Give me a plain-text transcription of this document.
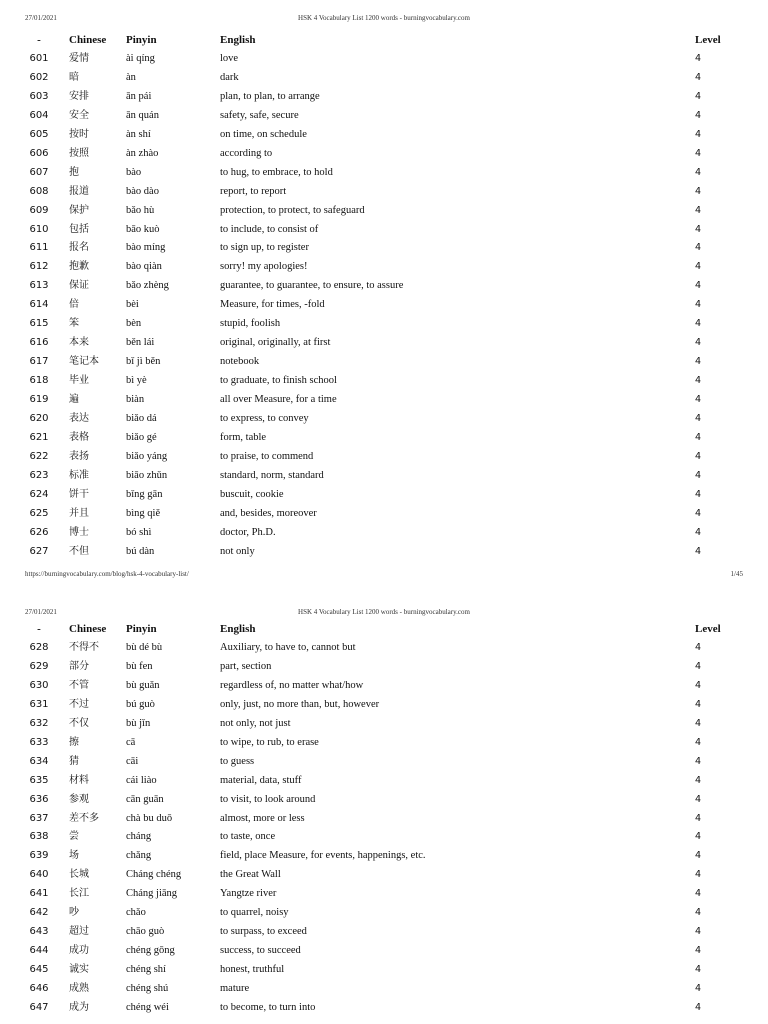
27/01/2021	HSK 4 Vocabulary List 1200 words - burningvocabulary.com
-	Chinese Pinyin	English	Level
601	爱情	ài qíng	love	4
602	暗	àn	dark	4
603	安排	ān pái	plan, to plan, to arrange	4
604	安全	ān quán	safety, safe, secure	4
605	按时	àn shí	on time, on schedule	4
606	按照	àn zhào	according to	4
607	抱	bào	to hug, to embrace, to hold	4
608	报道	bào dào	report, to report	4
609	保护	bǎo hù	protection, to protect, to safeguard	4
610	包括	bāo kuò	to include, to consist of	4
611	报名	bào míng	to sign up, to register	4
612	抱歉	bào qiàn	sorry! my apologies!	4
613	保证	bǎo zhèng	guarantee, to guarantee, to ensure, to assure	4
614	倍	bèi	Measure, for times, -fold	4
615	笨	bèn	stupid, foolish	4
616	本来	běn lái	original, originally, at first	4
617	笔记本	bǐ jì běn	notebook	4
618	毕业	bì yè	to graduate, to finish school	4
619	遍	biàn	all over Measure, for a time	4
620	表达	biǎo dá	to express, to convey	4
621	表格	biǎo gé	form, table	4
622	表扬	biǎo yáng	to praise, to commend	4
623	标准	biāo zhǔn	standard, norm, standard	4
624	饼干	bǐng gān	buscuit, cookie	4
625	并且	bìng qiě	and, besides, moreover	4
626	博士	bó shì	doctor, Ph.D.	4
627	不但	bú dàn	not only	4
https://burningvocabulary.com/blog/hsk-4-vocabulary-list/	1/45
27/01/2021	HSK 4 Vocabulary List 1200 words - burningvocabulary.com
-	Chinese Pinyin	English	Level
628	不得不	bù dé bù	Auxiliary, to have to, cannot but	4
629	部分	bù fen	part, section	4
630	不管	bù guǎn	regardless of, no matter what/how	4
631	不过	bú guò	only, just, no more than, but, however	4
632	不仅	bù jǐn	not only, not just	4
633	擦	cā	to wipe, to rub, to erase	4
634	猜	cāi	to guess	4
635	材料	cái liào	material, data, stuff	4
636	参观	cān guān	to visit, to look around	4
637	差不多	chà bu duō	almost, more or less	4
638	尝	cháng	to taste, once	4
639	场	chǎng	field, place Measure, for events, happenings, etc.	4
640	长城	Cháng chéng	the Great Wall	4
641	长江	Cháng jiāng	Yangtze river	4
642	吵	chǎo	to quarrel, noisy	4
643	超过	chāo guò	to surpass, to exceed	4
644	成功	chéng gōng	success, to succeed	4
645	诚实	chéng shí	honest, truthful	4
646	成熟	chéng shú	mature	4
647	成为	chéng wéi	to become, to turn into	4
